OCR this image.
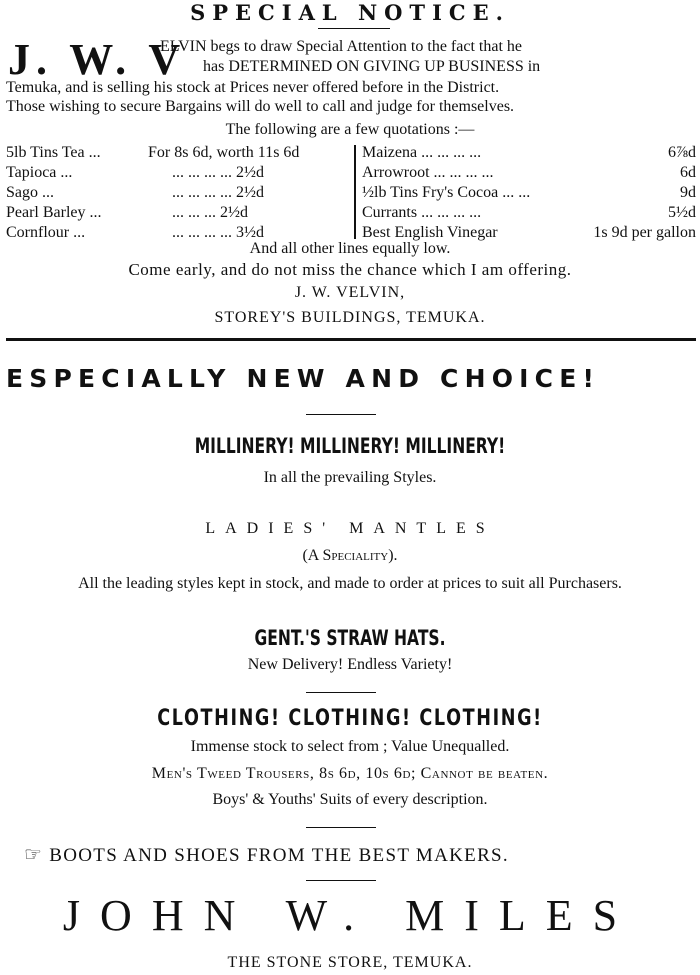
SPECIAL NOTICE.
J. W. V
ELVIN begs to draw Special Attention to the fact that he
has DETERMINED ON GIVING UP BUSINESS in
Temuka, and is selling his stock at Prices never offered before in the District.
Those wishing to secure Bargains will do well to call and judge for themselves.
The following are a few quotations :—
5lb Tins Tea ...	For 8s 6d, worth 11s 6d
Tapioca ...	... ... ... ... 2½d
Sago ...	... ... ... ... 2½d
Pearl Barley ...	... ... ... 2½d
Cornflour ...	... ... ... ... 3½d
Maizena ... ... ... ...	6⅞d
Arrowroot ... ... ... ...	6d
½lb Tins Fry's Cocoa ... ...	9d
Currants ... ... ... ...	5½d
Best English Vinegar	1s 9d per gallon
And all other lines equally low.
Come early, and do not miss the chance which I am offering.
J. W. VELVIN,
STOREY'S BUILDINGS, TEMUKA.
ESPECIALLY NEW AND CHOICE!
MILLINERY! MILLINERY! MILLINERY!
In all the prevailing Styles.
LADIES' MANTLES
(A Speciality).
All the leading styles kept in stock, and made to order at prices to suit all Purchasers.
GENT.'S STRAW HATS.
New Delivery! Endless Variety!
CLOTHING! CLOTHING! CLOTHING!
Immense stock to select from ; Value Unequalled.
Men's Tweed Trousers, 8s 6d, 10s 6d; Cannot be beaten.
Boys' & Youths' Suits of every description.
☞ BOOTS AND SHOES FROM THE BEST MAKERS.
JOHN W. MILES
THE STONE STORE, TEMUKA.
